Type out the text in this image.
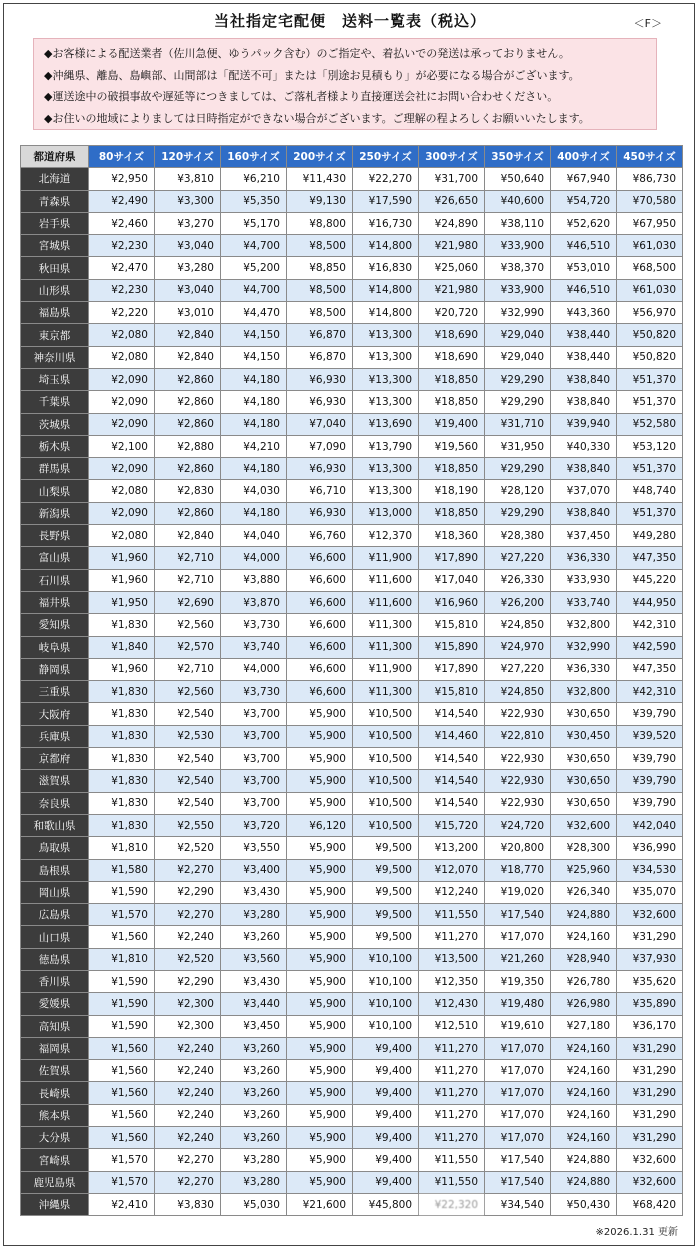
当社指定宅配便　送料一覧表（税込）	＜F＞
◆お客様による配送業者（佐川急便、ゆうパック含む）のご指定や、着払いでの発送は承っておりません。
◆沖縄県、離島、島嶼部、山間部は「配送不可」または「別途お見積もり」が必要になる場合がございます。
◆運送途中の破損事故や遅延等につきましては、ご落札者様より直接運送会社にお問い合わせください。
◆お住いの地域によりましては日時指定ができない場合がございます。ご理解の程よろしくお願いいたします。
都道府県	80サイズ	120サイズ	160サイズ	200サイズ	250サイズ	300サイズ	350サイズ	400サイズ	450サイズ
北海道	¥2,950	¥3,810	¥6,210	¥11,430	¥22,270	¥31,700	¥50,640	¥67,940	¥86,730
青森県	¥2,490	¥3,300	¥5,350	¥9,130	¥17,590	¥26,650	¥40,600	¥54,720	¥70,580
岩手県	¥2,460	¥3,270	¥5,170	¥8,800	¥16,730	¥24,890	¥38,110	¥52,620	¥67,950
宮城県	¥2,230	¥3,040	¥4,700	¥8,500	¥14,800	¥21,980	¥33,900	¥46,510	¥61,030
秋田県	¥2,470	¥3,280	¥5,200	¥8,850	¥16,830	¥25,060	¥38,370	¥53,010	¥68,500
山形県	¥2,230	¥3,040	¥4,700	¥8,500	¥14,800	¥21,980	¥33,900	¥46,510	¥61,030
福島県	¥2,220	¥3,010	¥4,470	¥8,500	¥14,800	¥20,720	¥32,990	¥43,360	¥56,970
東京都	¥2,080	¥2,840	¥4,150	¥6,870	¥13,300	¥18,690	¥29,040	¥38,440	¥50,820
神奈川県	¥2,080	¥2,840	¥4,150	¥6,870	¥13,300	¥18,690	¥29,040	¥38,440	¥50,820
埼玉県	¥2,090	¥2,860	¥4,180	¥6,930	¥13,300	¥18,850	¥29,290	¥38,840	¥51,370
千葉県	¥2,090	¥2,860	¥4,180	¥6,930	¥13,300	¥18,850	¥29,290	¥38,840	¥51,370
茨城県	¥2,090	¥2,860	¥4,180	¥7,040	¥13,690	¥19,400	¥31,710	¥39,940	¥52,580
栃木県	¥2,100	¥2,880	¥4,210	¥7,090	¥13,790	¥19,560	¥31,950	¥40,330	¥53,120
群馬県	¥2,090	¥2,860	¥4,180	¥6,930	¥13,300	¥18,850	¥29,290	¥38,840	¥51,370
山梨県	¥2,080	¥2,830	¥4,030	¥6,710	¥13,300	¥18,190	¥28,120	¥37,070	¥48,740
新潟県	¥2,090	¥2,860	¥4,180	¥6,930	¥13,000	¥18,850	¥29,290	¥38,840	¥51,370
長野県	¥2,080	¥2,840	¥4,040	¥6,760	¥12,370	¥18,360	¥28,380	¥37,450	¥49,280
富山県	¥1,960	¥2,710	¥4,000	¥6,600	¥11,900	¥17,890	¥27,220	¥36,330	¥47,350
石川県	¥1,960	¥2,710	¥3,880	¥6,600	¥11,600	¥17,040	¥26,330	¥33,930	¥45,220
福井県	¥1,950	¥2,690	¥3,870	¥6,600	¥11,600	¥16,960	¥26,200	¥33,740	¥44,950
愛知県	¥1,830	¥2,560	¥3,730	¥6,600	¥11,300	¥15,810	¥24,850	¥32,800	¥42,310
岐阜県	¥1,840	¥2,570	¥3,740	¥6,600	¥11,300	¥15,890	¥24,970	¥32,990	¥42,590
静岡県	¥1,960	¥2,710	¥4,000	¥6,600	¥11,900	¥17,890	¥27,220	¥36,330	¥47,350
三重県	¥1,830	¥2,560	¥3,730	¥6,600	¥11,300	¥15,810	¥24,850	¥32,800	¥42,310
大阪府	¥1,830	¥2,540	¥3,700	¥5,900	¥10,500	¥14,540	¥22,930	¥30,650	¥39,790
兵庫県	¥1,830	¥2,530	¥3,700	¥5,900	¥10,500	¥14,460	¥22,810	¥30,450	¥39,520
京都府	¥1,830	¥2,540	¥3,700	¥5,900	¥10,500	¥14,540	¥22,930	¥30,650	¥39,790
滋賀県	¥1,830	¥2,540	¥3,700	¥5,900	¥10,500	¥14,540	¥22,930	¥30,650	¥39,790
奈良県	¥1,830	¥2,540	¥3,700	¥5,900	¥10,500	¥14,540	¥22,930	¥30,650	¥39,790
和歌山県	¥1,830	¥2,550	¥3,720	¥6,120	¥10,500	¥15,720	¥24,720	¥32,600	¥42,040
鳥取県	¥1,810	¥2,520	¥3,550	¥5,900	¥9,500	¥13,200	¥20,800	¥28,300	¥36,990
島根県	¥1,580	¥2,270	¥3,400	¥5,900	¥9,500	¥12,070	¥18,770	¥25,960	¥34,530
岡山県	¥1,590	¥2,290	¥3,430	¥5,900	¥9,500	¥12,240	¥19,020	¥26,340	¥35,070
広島県	¥1,570	¥2,270	¥3,280	¥5,900	¥9,500	¥11,550	¥17,540	¥24,880	¥32,600
山口県	¥1,560	¥2,240	¥3,260	¥5,900	¥9,500	¥11,270	¥17,070	¥24,160	¥31,290
徳島県	¥1,810	¥2,520	¥3,560	¥5,900	¥10,100	¥13,500	¥21,260	¥28,940	¥37,930
香川県	¥1,590	¥2,290	¥3,430	¥5,900	¥10,100	¥12,350	¥19,350	¥26,780	¥35,620
愛媛県	¥1,590	¥2,300	¥3,440	¥5,900	¥10,100	¥12,430	¥19,480	¥26,980	¥35,890
高知県	¥1,590	¥2,300	¥3,450	¥5,900	¥10,100	¥12,510	¥19,610	¥27,180	¥36,170
福岡県	¥1,560	¥2,240	¥3,260	¥5,900	¥9,400	¥11,270	¥17,070	¥24,160	¥31,290
佐賀県	¥1,560	¥2,240	¥3,260	¥5,900	¥9,400	¥11,270	¥17,070	¥24,160	¥31,290
長崎県	¥1,560	¥2,240	¥3,260	¥5,900	¥9,400	¥11,270	¥17,070	¥24,160	¥31,290
熊本県	¥1,560	¥2,240	¥3,260	¥5,900	¥9,400	¥11,270	¥17,070	¥24,160	¥31,290
大分県	¥1,560	¥2,240	¥3,260	¥5,900	¥9,400	¥11,270	¥17,070	¥24,160	¥31,290
宮崎県	¥1,570	¥2,270	¥3,280	¥5,900	¥9,400	¥11,550	¥17,540	¥24,880	¥32,600
鹿児島県	¥1,570	¥2,270	¥3,280	¥5,900	¥9,400	¥11,550	¥17,540	¥24,880	¥32,600
沖縄県	¥2,410	¥3,830	¥5,030	¥21,600	¥45,800	¥22,320	¥34,540	¥50,430	¥68,420
※2026.1.31 更新
